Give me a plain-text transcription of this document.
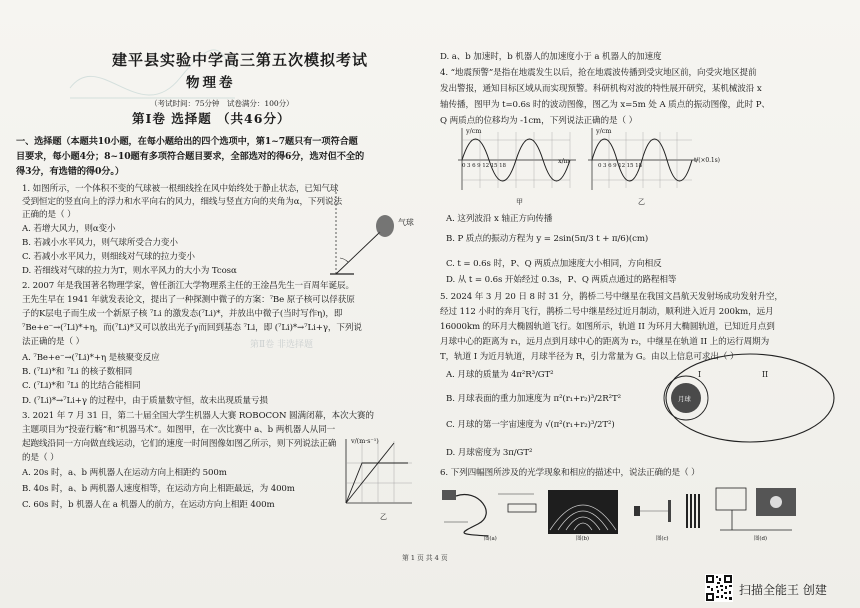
第Ⅱ卷 非选择题
建平县实验中学高三第五次模拟考试
物理卷
（考试时间：75分钟　试卷满分：100分）
第Ⅰ卷 选择题 （共46分）
一、选择题（本题共10小题，在每小题给出的四个选项中，第1~7题只有一项符合题
目要求，每小题4分；8~10题有多项符合题目要求，全部选对的得6分，选对但不全的
得3分，有选错的得0分。）
1. 如图所示，一个体积不变的气球被一根细线拴在风中始终处于静止状态，已知气球
受到恒定的竖直向上的浮力和水平向右的风力，细线与竖直方向的夹角为α，下列说法
正确的是（ ）
A. 若增大风力，则α变小
B. 若减小水平风力，则气球所受合力变小
C. 若减小水平风力，则细线对气球的拉力变小
D. 若细线对气球的拉力为T，则水平风力的大小为 Tcosα
气球
2. 2007 年是我国著名物理学家，曾任浙江大学物理系主任的王淦昌先生一百周年诞辰。
王先生早在 1941 年就发表论文，提出了一种探测中微子的方案：⁷Be 原子核可以俘获原
子的K层电子而生成一个新原子核 ⁷Li 的激发态(⁷Li)*，并放出中微子(当时写作η)，即
⁷Be+e⁻→(⁷Li)*+η，而(⁷Li)*又可以放出光子γ而回到基态 ⁷Li，即 (⁷Li)*→⁷Li+γ，下列说
法正确的是（ ）
A. ⁷Be+e⁻→(⁷Li)*+η 是核聚变反应
B. (⁷Li)*和 ⁷Li 的核子数相同
C. (⁷Li)*和 ⁷Li 的比结合能相同
D. (⁷Li)*→⁷Li+γ 的过程中，由于质量数守恒，故未出现质量亏损
3. 2021 年 7 月 31 日，第二十届全国大学生机器人大赛 ROBOCON 圆满闭幕，本次大赛的
主题项目为“投壶行觞”和“机器马术”。如图甲，在一次比赛中 a、b 两机器人从同一
起跑线沿同一方向做直线运动，它们的速度一时间图像如图乙所示，则下列说法正确
的是（ ）
A. 20s 时，a、b 两机器人在运动方向上相距约 500m
B. 40s 时，a、b 两机器人速度相等，在运动方向上相距最远，为 400m
C. 60s 时，b 机器人在 a 机器人的前方，在运动方向上相距 400m
v/(m·s⁻¹)
乙
D. a、b 加速时，b 机器人的加速度小于 a 机器人的加速度
4. “地震预警”是指在地震发生以后，抢在地震波传播到受灾地区前，向受灾地区提前
发出警报，通知目标区域从而实现预警。科研机构对波的特性展开研究，某机械波沿 x
轴传播，图甲为 t=0.6s 时的波动图像，图乙为 x=5m 处 A 质点的振动图像，此时 P、
Q 两质点的位移均为 -1cm，下列说法正确的是（ ）
y/cm
x/m
0 3 6 9 12 15 18
甲
y/cm
t/(×0.1s)
0 3 6 9 12 15 18
乙
A. 这列波沿 x 轴正方向传播
B. P 质点的振动方程为 y = 2sin(5π/3 t + π/6)(cm)
C. t = 0.6s 时，P、Q 两质点加速度大小相同，方向相反
D. 从 t = 0.6s 开始经过 0.3s，P、Q 两质点通过的路程相等
5. 2024 年 3 月 20 日 8 时 31 分，鹊桥二号中继星在我国文昌航天发射场成功发射升空，
经过 112 小时的奔月飞行，鹊桥二号中继星经过近月制动，顺利进入近月 200km，远月
16000km 的环月大椭圆轨道飞行。如图所示，轨道 II 为环月大椭圆轨道，已知近月点到
月球中心的距离为 r₁，远月点到月球中心的距离为 r₂，中继星在轨道 II 上的运行周期为
T，轨道 I 为近月轨道，月球半径为 R，引力常量为 G。由以上信息可求出（ ）
A. 月球的质量为 4π²R³/GT²
B. 月球表面的重力加速度为 π²(r₁+r₂)³/2R²T²
C. 月球的第一宇宙速度为 √(π²(r₁+r₂)³/2T²)
D. 月球密度为 3π/GT²
I	II
月球
6. 下列四幅图所涉及的光学现象和相应的描述中，说法正确的是（ ）
图(a)	图(b)	图(c)	图(d)
第 1 页 共 4 页
扫描全能王 创建
